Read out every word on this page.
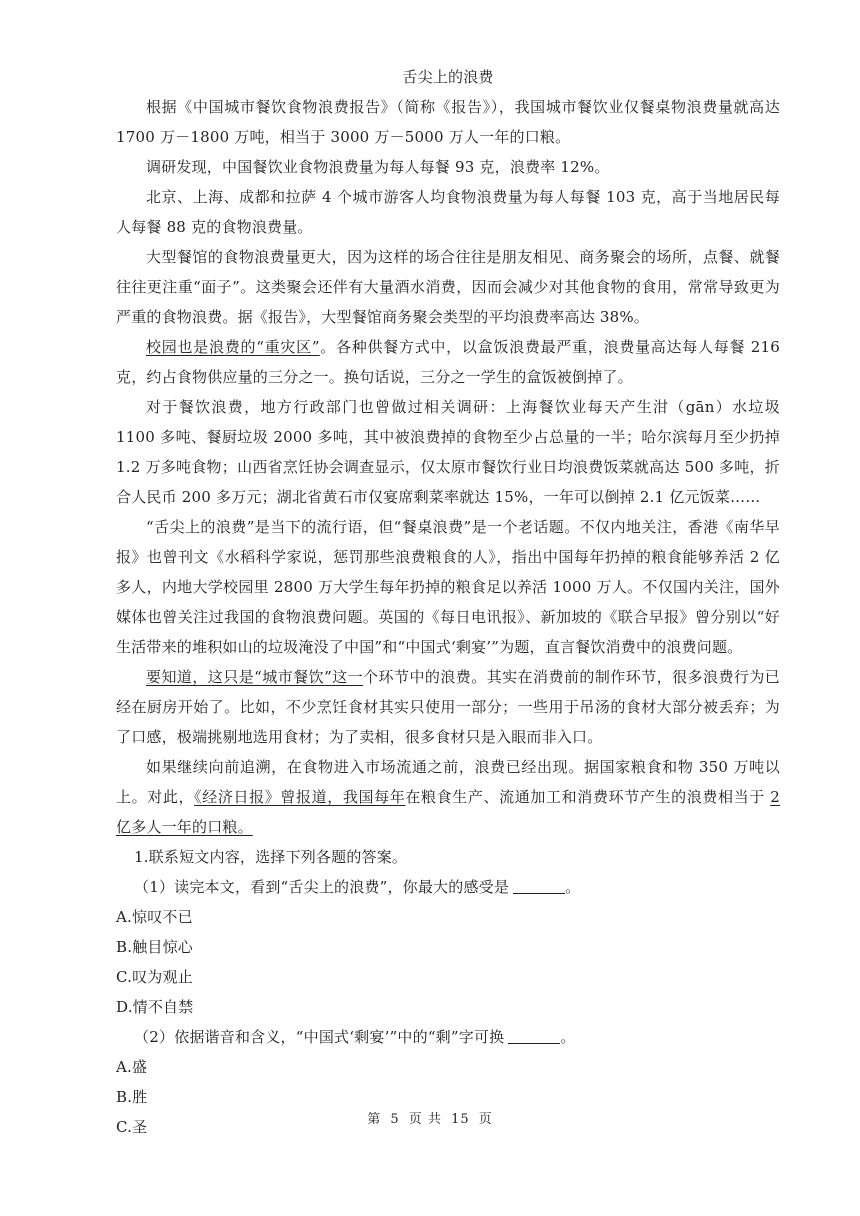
舌尖上的浪费

根据《中国城市餐饮食物浪费报告》（简称《报告》），我国城市餐饮业仅餐桌物浪费量就高达 1700 万－1800 万吨，相当于 3000 万－5000 万人一年的口粮。

调研发现，中国餐饮业食物浪费量为每人每餐 93 克，浪费率 12%。

北京、上海、成都和拉萨 4 个城市游客人均食物浪费量为每人每餐 103 克，高于当地居民每人每餐 88 克的食物浪费量。

大型餐馆的食物浪费量更大，因为这样的场合往往是朋友相见、商务聚会的场所，点餐、就餐往往更注重“面子”。这类聚会还伴有大量酒水消费，因而会减少对其他食物的食用，常常导致更为严重的食物浪费。据《报告》，大型餐馆商务聚会类型的平均浪费率高达 38%。

校园也是浪费的“重灾区”。各种供餐方式中，以盒饭浪费最严重，浪费量高达每人每餐 216 克，约占食物供应量的三分之一。换句话说，三分之一学生的盒饭被倒掉了。

对于餐饮浪费，地方行政部门也曾做过相关调研：上海餐饮业每天产生泔（gān）水垃圾 1100 多吨、餐厨垃圾 2000 多吨，其中被浪费掉的食物至少占总量的一半；哈尔滨每月至少扔掉 1.2 万多吨食物；山西省烹饪协会调查显示，仅太原市餐饮行业日均浪费饭菜就高达 500 多吨，折合人民币 200 多万元；湖北省黄石市仅宴席剩菜率就达 15%，一年可以倒掉 2.1 亿元饭菜……

“舌尖上的浪费”是当下的流行语，但“餐桌浪费”是一个老话题。不仅内地关注，香港《南华早报》也曾刊文《水稻科学家说，惩罚那些浪费粮食的人》，指出中国每年扔掉的粮食能够养活 2 亿多人，内地大学校园里 2800 万大学生每年扔掉的粮食足以养活 1000 万人。不仅国内关注，国外媒体也曾关注过我国的食物浪费问题。英国的《每日电讯报》、新加坡的《联合早报》曾分别以“好生活带来的堆积如山的垃圾淹没了中国”和“中国式‘剩宴’”为题，直言餐饮消费中的浪费问题。

要知道，这只是“城市餐饮”这一个环节中的浪费。其实在消费前的制作环节，很多浪费行为已经在厨房开始了。比如，不少烹饪食材其实只使用一部分；一些用于吊汤的食材大部分被丢弃；为了口感，极端挑剔地选用食材；为了卖相，很多食材只是入眼而非入口。

如果继续向前追溯，在食物进入市场流通之前，浪费已经出现。据国家粮食和物 350 万吨以上。对此，《经济日报》曾报道，我国每年在粮食生产、流通加工和消费环节产生的浪费相当于 2 亿多人一年的口粮。

1.联系短文内容，选择下列各题的答案。

（1）读完本文，看到“舌尖上的浪费”，你最大的感受是	。

A.惊叹不已

B.触目惊心

C.叹为观止

D.情不自禁

（2）依据谐音和含义，“中国式‘剩宴’”中的“剩”字可换	。

A.盛

B.胜

C.圣	第 5 页 共 15 页
